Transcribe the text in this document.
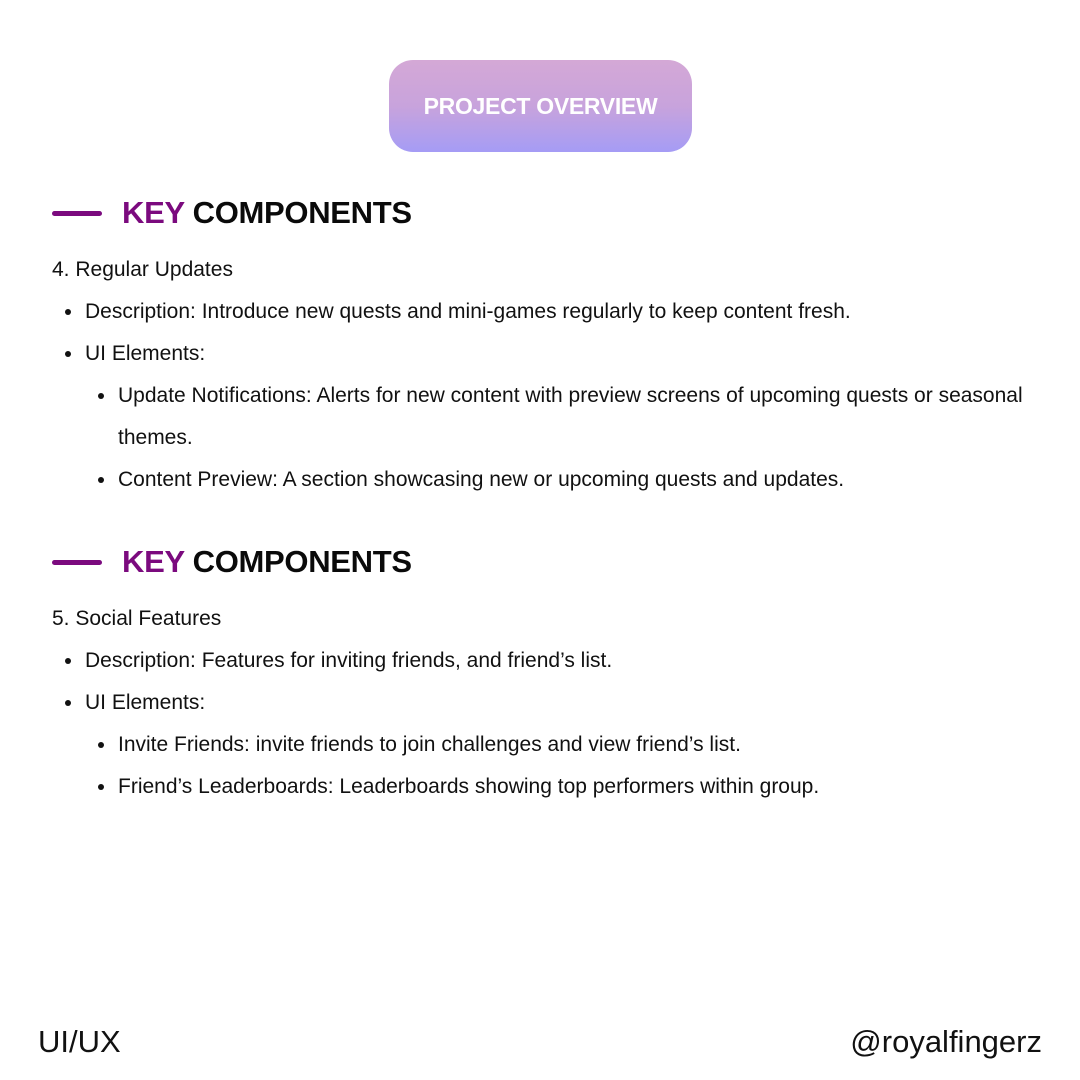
PROJECT OVERVIEW
KEY COMPONENTS
4. Regular Updates
Description: Introduce new quests and mini-games regularly to keep content fresh.
UI Elements:
Update Notifications: Alerts for new content with preview screens of upcoming quests or seasonal themes.
Content Preview: A section showcasing new or upcoming quests and updates.
KEY COMPONENTS
5. Social Features
Description: Features for inviting friends, and friend’s list.
UI Elements:
Invite Friends: invite friends to join challenges and view friend’s list.
Friend’s Leaderboards: Leaderboards showing top performers within group.
UI/UX	@royalfingerz
